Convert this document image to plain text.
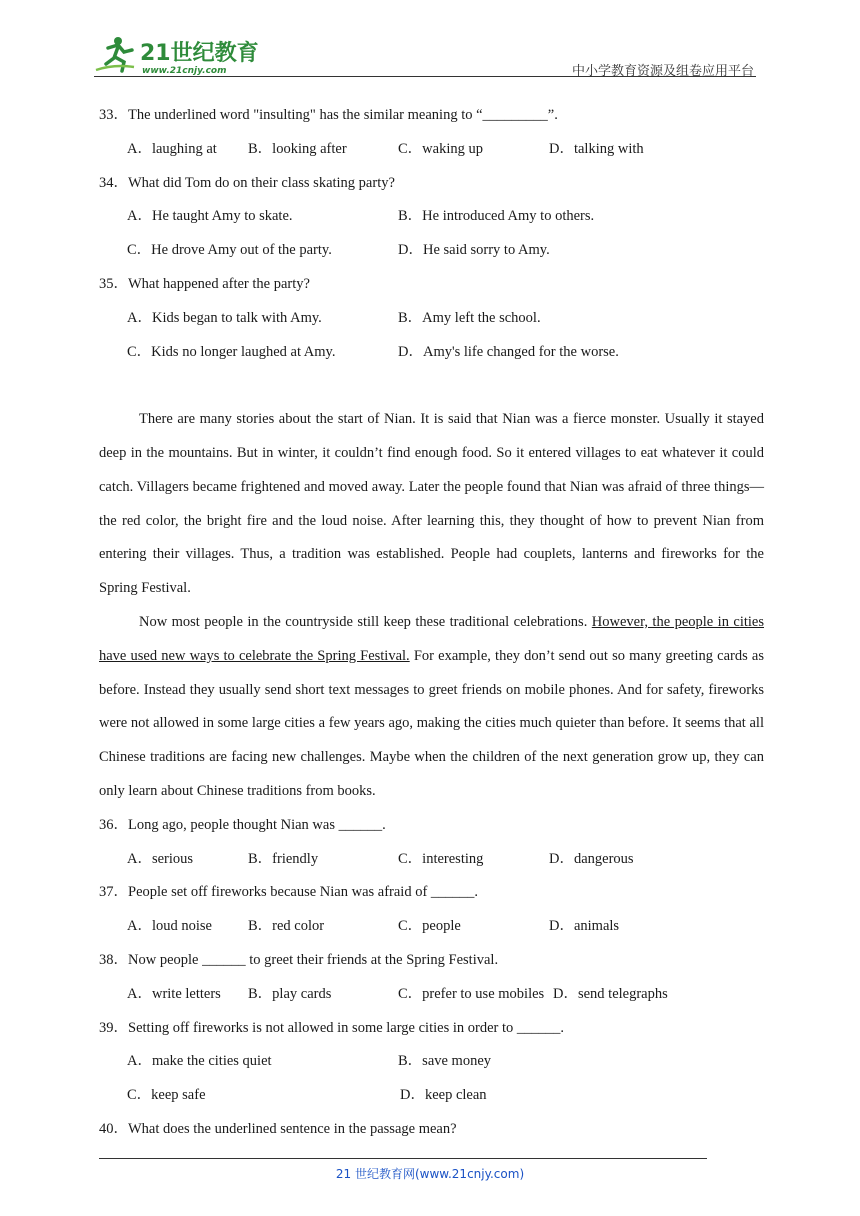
21世纪教育
www.21cnjy.com	中小学教育资源及组卷应用平台
33．The underlined word "insulting" has the similar meaning to “_________”.
A．laughing at B．looking after	C．waking up	D．talking with
34．What did Tom do on their class skating party?
A．He taught Amy to skate.	B．He introduced Amy to others.
C．He drove Amy out of the party.	D．He said sorry to Amy.
35．What happened after the party?
A．Kids began to talk with Amy.	B．Amy left the school.
C．Kids no longer laughed at Amy.	D．Amy's life changed for the worse.
There are many stories about the start of Nian. It is said that Nian was a fierce monster. Usually it stayed deep in the mountains. But in winter, it couldn’t find enough food. So it entered villages to eat whatever it could catch. Villagers became frightened and moved away. Later the people found that Nian was afraid of three things—the red color, the bright fire and the loud noise. After learning this, they thought of how to prevent Nian from entering their villages. Thus, a tradition was established. People had couplets, lanterns and fireworks for the Spring Festival.
Now most people in the countryside still keep these traditional celebrations. However, the people in cities have used new ways to celebrate the Spring Festival. For example, they don’t send out so many greeting cards as before. Instead they usually send short text messages to greet friends on mobile phones. And for safety, fireworks were not allowed in some large cities a few years ago, making the cities much quieter than before. It seems that all Chinese traditions are facing new challenges. Maybe when the children of the next generation grow up, they can only learn about Chinese traditions from books.
36．Long ago, people thought Nian was ______.
A．serious	B．friendly	C．interesting	D．dangerous
37．People set off fireworks because Nian was afraid of ______.
A．loud noise B．red color	C．people	D．animals
38．Now people ______ to greet their friends at the Spring Festival.
A．write letters B．play cards	C．prefer to use mobiles D．send telegraphs
39．Setting off fireworks is not allowed in some large cities in order to ______.
A．make the cities quiet	B．save money
C．keep safe	D．keep clean
40．What does the underlined sentence in the passage mean?
21 世纪教育网(www.21cnjy.com)
